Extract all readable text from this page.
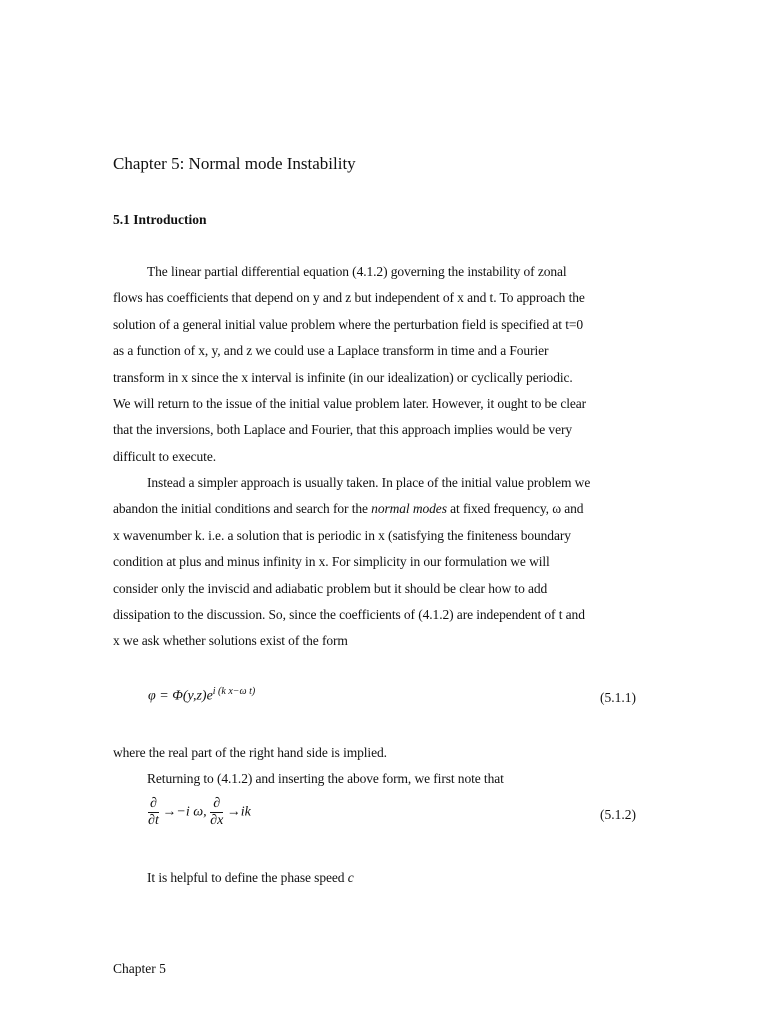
Chapter 5: Normal mode Instability
5.1 Introduction
The linear partial differential equation (4.1.2) governing the instability of zonal
flows has coefficients that depend on y and z but independent of x and t. To approach the
solution of a general initial value problem where the perturbation field is specified at t=0
as a function of x, y, and z we could use a Laplace transform in time and a Fourier
transform in x since the x interval is infinite (in our idealization) or cyclically periodic.
We will return to the issue of the initial value problem later. However, it ought to be clear
that the inversions, both Laplace and Fourier, that this approach implies would be very
difficult to execute.
Instead a simpler approach is usually taken. In place of the initial value problem we
abandon the initial conditions and search for the normal modes at fixed frequency, ω and
x wavenumber k. i.e. a solution that is periodic in x (satisfying the finiteness boundary
condition at plus and minus infinity in x. For simplicity in our formulation we will
consider only the inviscid and adiabatic problem but it should be clear how to add
dissipation to the discussion. So, since the coefficients of (4.1.2) are independent of t and
x we ask whether solutions exist of the form
$\varphi = \Phi(y,z)e^{i (k x-\omega t)}$	(5.1.1)
where the real part of the right hand side is implied.
Returning to (4.1.2) and inserting the above form, we first note that
$\frac{\partial}{\partial t} \to-i$ ω, $\frac{\partial}{\partial x} \to ik$	(5.1.2)
It is helpful to define the phase speed c
Chapter 5
